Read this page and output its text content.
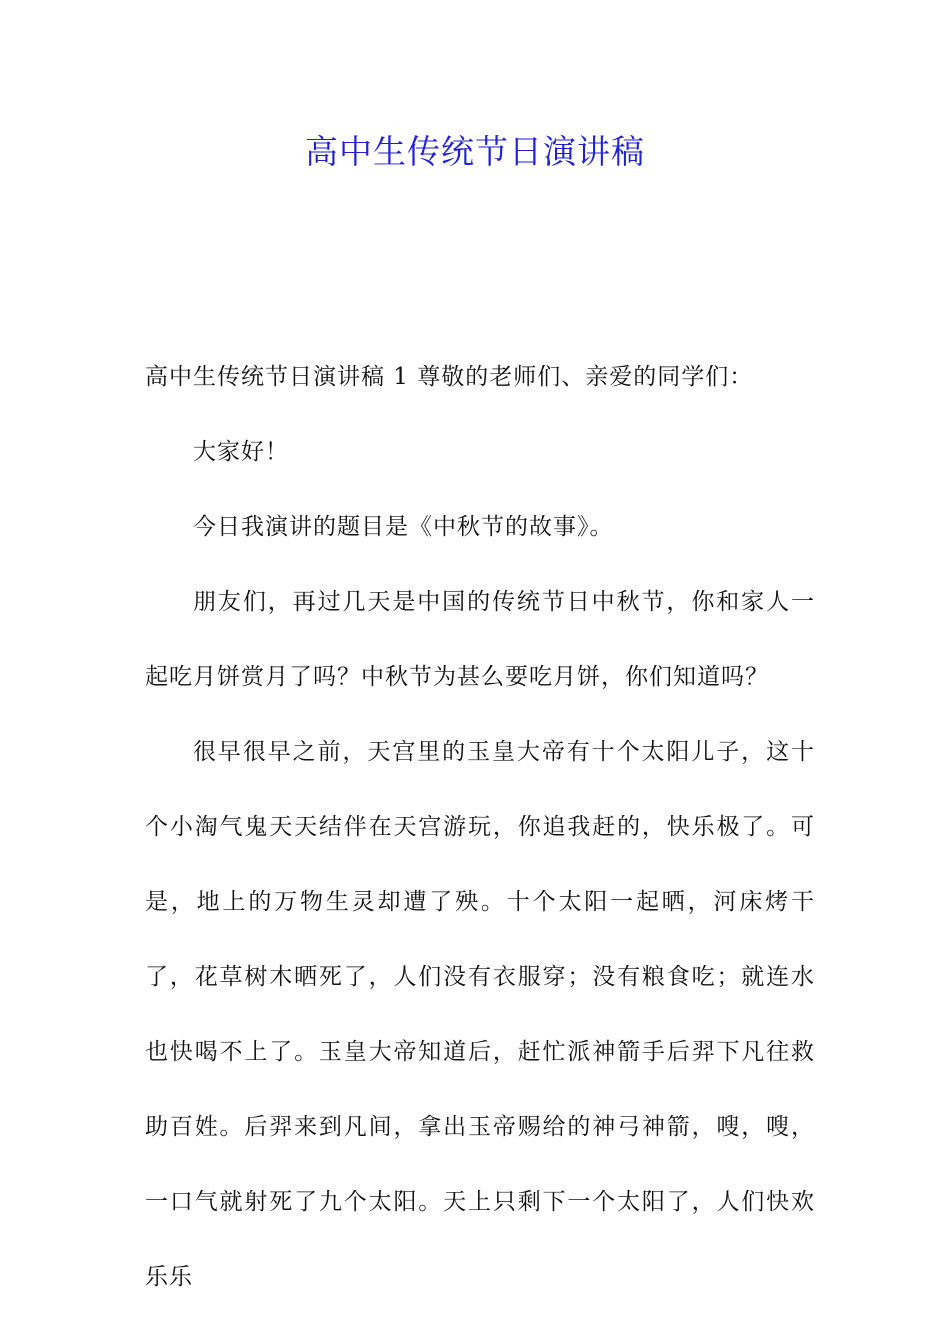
高中生传统节日演讲稿

高中生传统节日演讲稿 1 尊敬的老师们、亲爱的同学们：

大家好！

今日我演讲的题目是《中秋节的故事》。

朋友们，再过几天是中国的传统节日中秋节，你和家人一起吃月饼赏月了吗？中秋节为甚么要吃月饼，你们知道吗？

很早很早之前，天宫里的玉皇大帝有十个太阳儿子，这十个小淘气鬼天天结伴在天宫游玩，你追我赶的，快乐极了。可是，地上的万物生灵却遭了殃。十个太阳一起晒，河床烤干了，花草树木晒死了，人们没有衣服穿；没有粮食吃；就连水也快喝不上了。玉皇大帝知道后，赶忙派神箭手后羿下凡往救助百姓。后羿来到凡间，拿出玉帝赐给的神弓神箭，嗖，嗖，一口气就射死了九个太阳。天上只剩下一个太阳了，人们快欢乐乐
